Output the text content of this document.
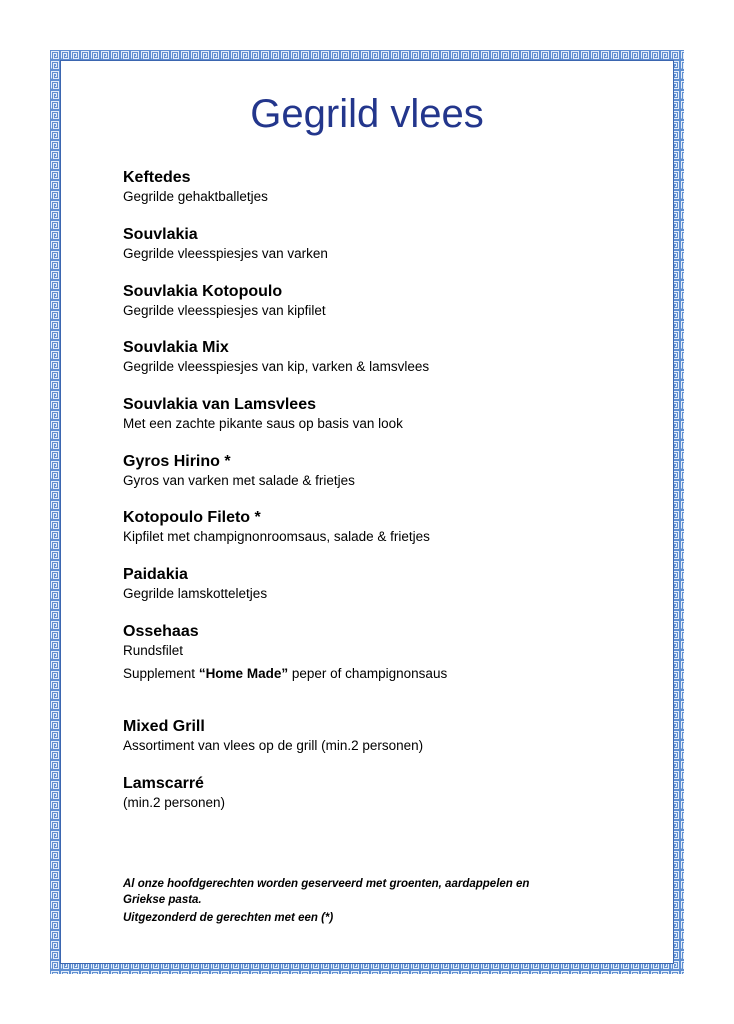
Gegrild vlees
Keftedes
Gegrilde gehaktballetjes
Souvlakia
Gegrilde vleesspiesjes van varken
Souvlakia Kotopoulo
Gegrilde vleesspiesjes van kipfilet
Souvlakia Mix
Gegrilde vleesspiesjes van kip, varken & lamsvlees
Souvlakia van Lamsvlees
Met een zachte pikante saus op basis van look
Gyros Hirino *
Gyros van varken met salade & frietjes
Kotopoulo Fileto *
Kipfilet met champignonroomsaus, salade & frietjes
Paidakia
Gegrilde lamskotteletjes
Ossehaas
Rundsfilet
Supplement “Home Made” peper of champignonsaus
Mixed Grill
Assortiment van vlees op de grill (min.2 personen)
Lamscarré
(min.2 personen)
Al onze hoofdgerechten worden geserveerd met groenten, aardappelen en Griekse pasta.
Uitgezonderd de gerechten met een (*)
